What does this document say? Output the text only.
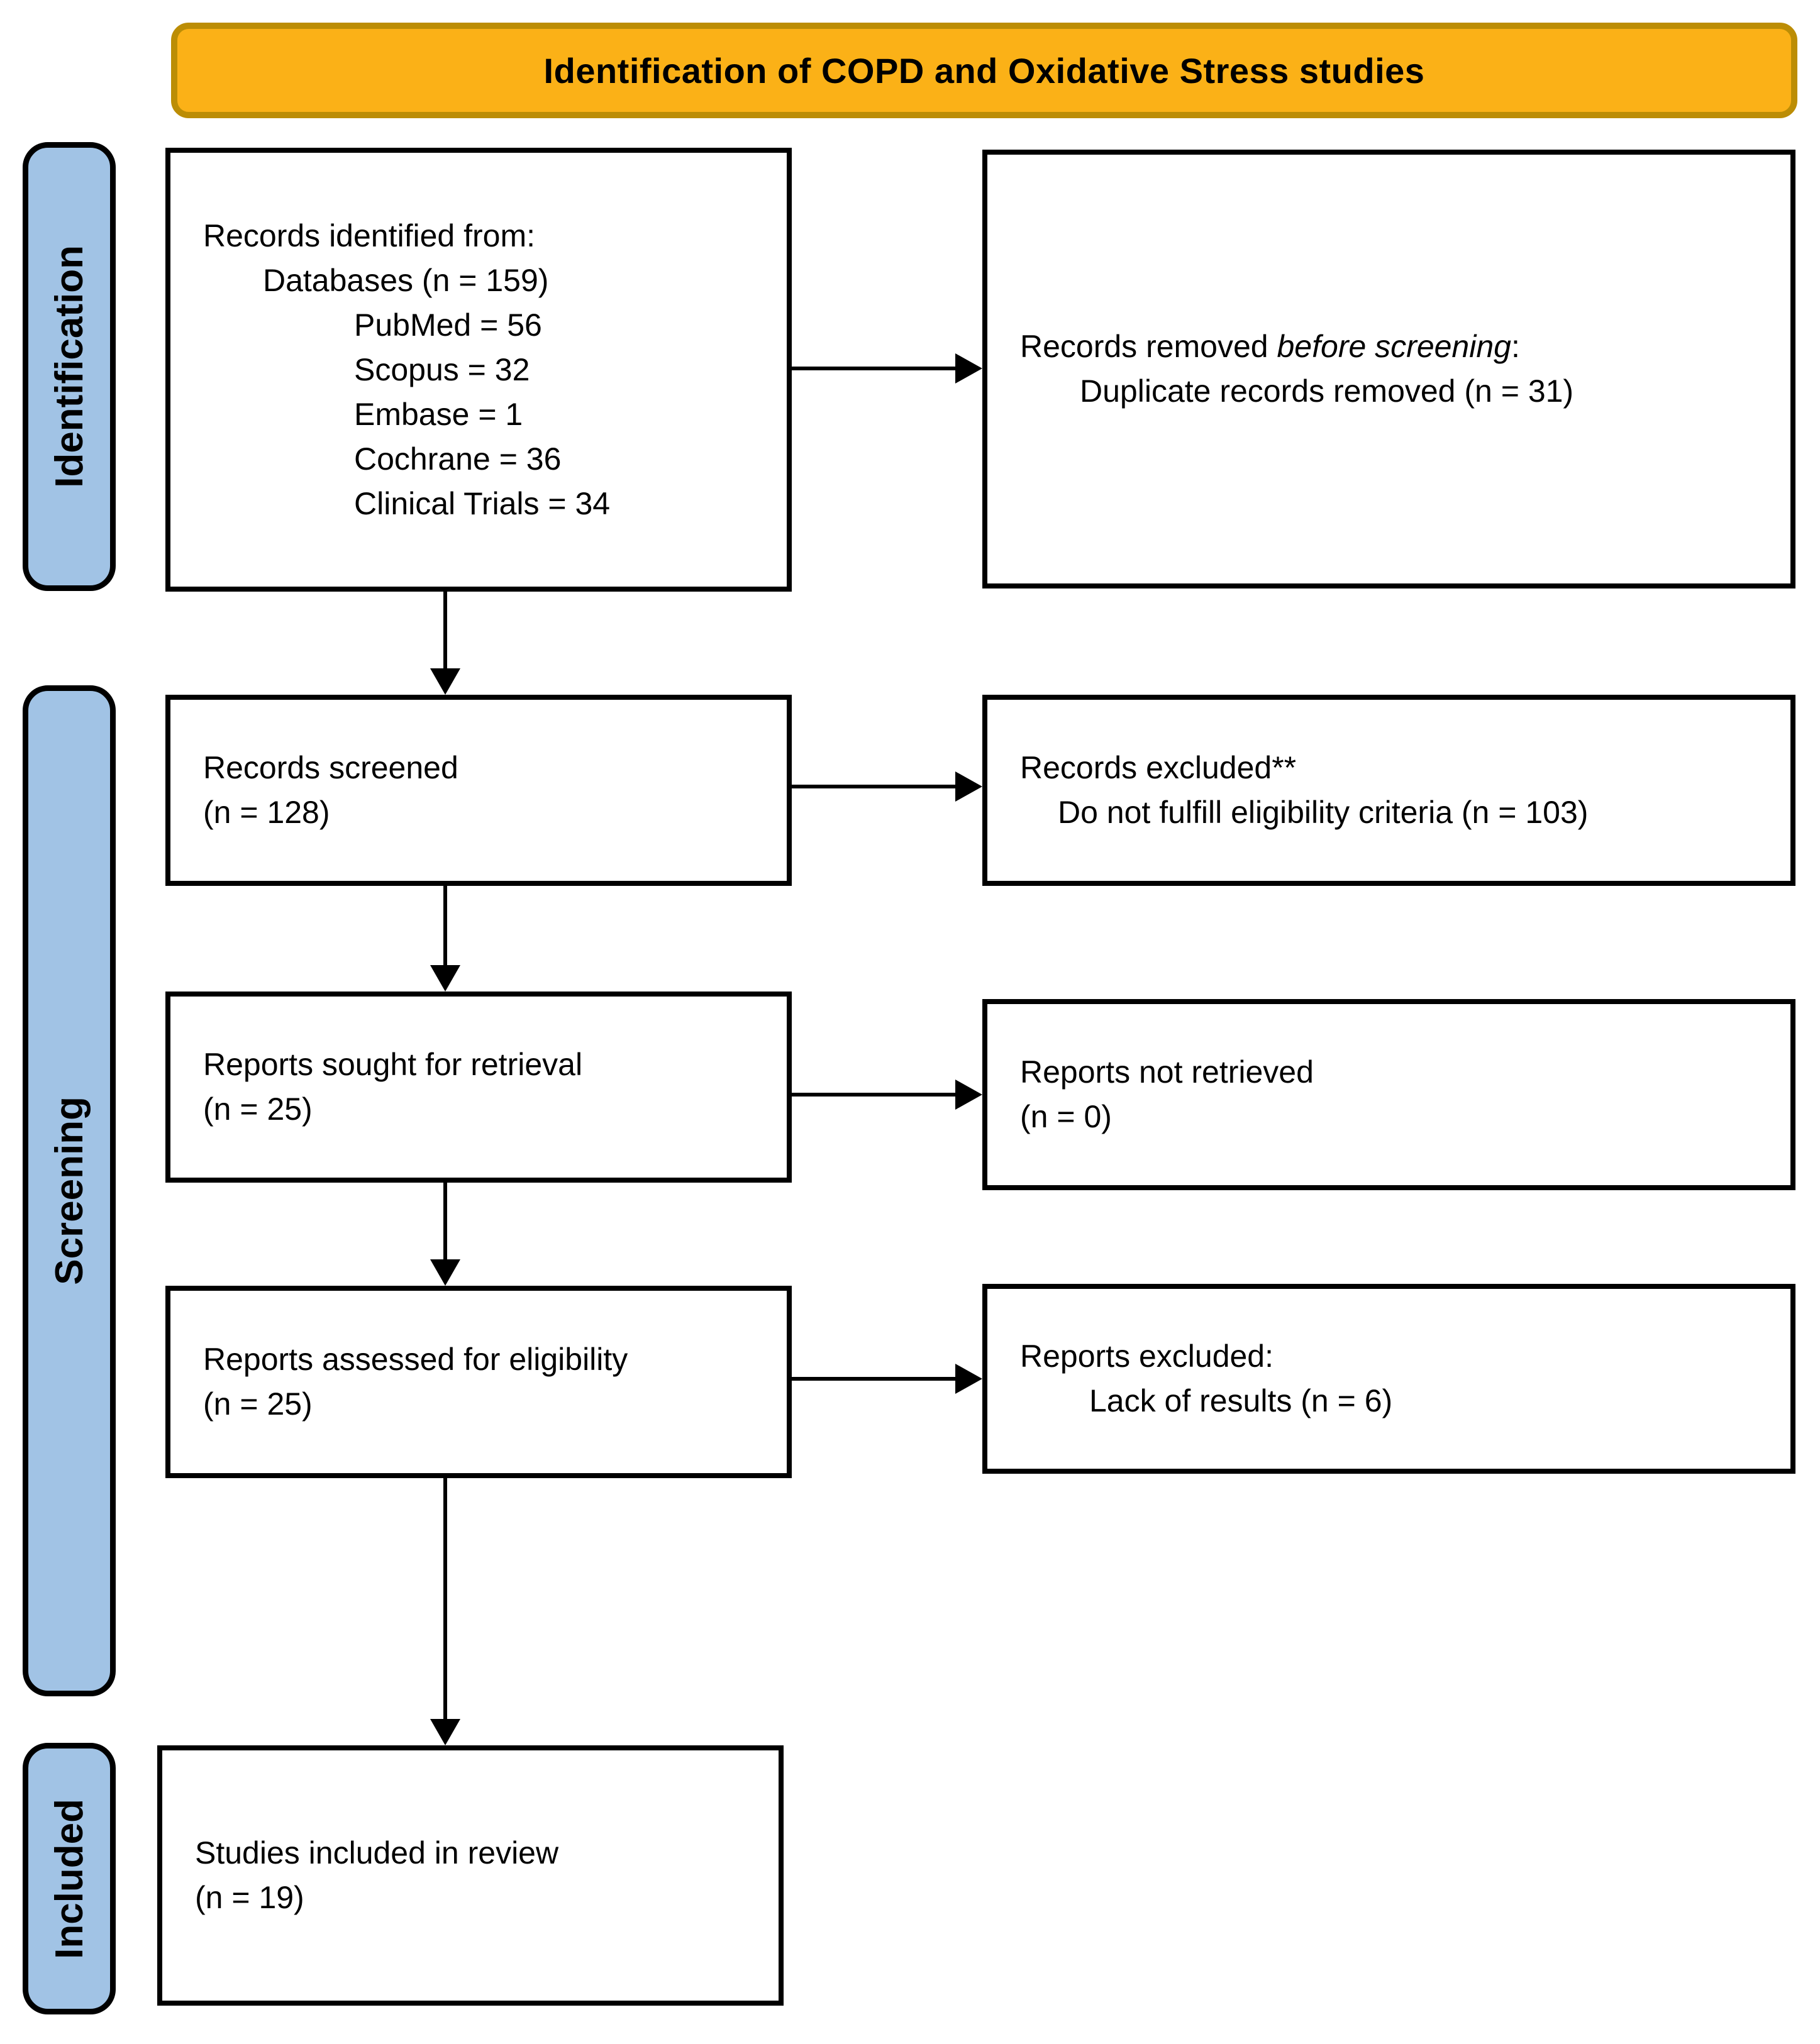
Identification of COPD and Oxidative Stress studies
Identification
Screening
Included
Records identified from:
Databases (n = 159)
PubMed = 56
Scopus = 32
Embase = 1
Cochrane = 36
Clinical Trials = 34
Records removed before screening:
Duplicate records removed (n = 31)
Records screened
(n = 128)
Records excluded**
Do not fulfill eligibility criteria (n = 103)
Reports sought for retrieval
(n = 25)
Reports not retrieved
(n = 0)
Reports assessed for eligibility
(n = 25)
Reports excluded:
Lack of results (n = 6)
Studies included in review
(n = 19)
